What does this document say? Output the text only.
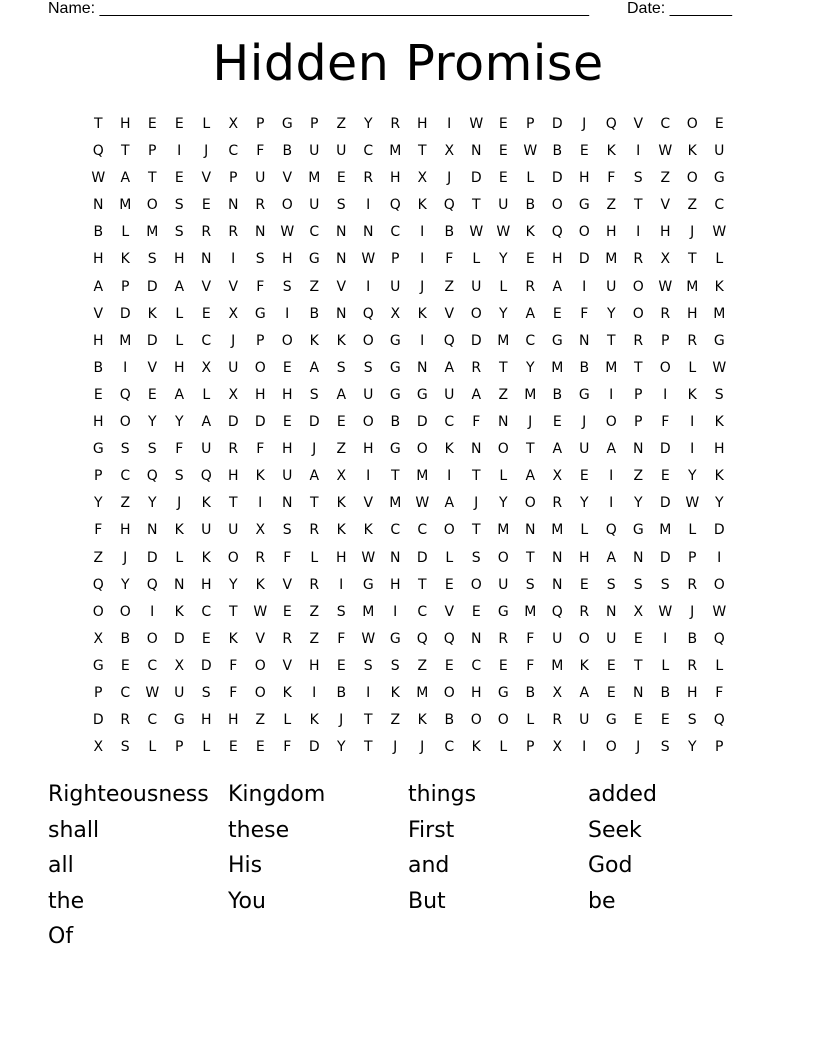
Name: _______________________________________________________ Date: _______
Hidden Promise
T	H	E	E	L	X	P	G	P	Z	Y	R	H	I	W	E	P	D	J	Q	V	C	O	E
Q	T	P	I	J	C	F	B	U	U	C	M	T	X	N	E	W	B	E	K	I	W	K	U
W	A	T	E	V	P	U	V	M	E	R	H	X	J	D	E	L	D	H	F	S	Z	O	G
N	M	O	S	E	N	R	O	U	S	I	Q	K	Q	T	U	B	O	G	Z	T	V	Z	C
B	L	M	S	R	R	N	W	C	N	N	C	I	B	W W	K	Q	O	H	I	H	J	W
H	K	S	H	N	I	S	H	G	N	W	P	I	F	L	Y	E	H	D	M	R	X	T	L
A	P	D	A	V	V	F	S	Z	V	I	U	J	Z	U	L	R	A	I	U	O	W M	K
V	D	K	L	E	X	G	I	B	N	Q	X	K	V	O	Y	A	E	F	Y	O	R	H	M
H	M	D	L	C	J	P	O	K	K	O	G	I	Q	D	M	C	G	N	T	R	P	R	G
B	I	V	H	X	U	O	E	A	S	S	G	N	A	R	T	Y	M	B	M	T	O	L	W
E	Q	E	A	L	X	H	H	S	A	U	G	G	U	A	Z	M	B	G	I	P	I	K	S
H	O	Y	Y	A	D	D	E	D	E	O	B	D	C	F	N	J	E	J	O	P	F	I	K
G	S	S	F	U	R	F	H	J	Z	H	G	O	K	N	O	T	A	U	A	N	D	I	H
P	C	Q	S	Q	H	K	U	A	X	I	T	M	I	T	L	A	X	E	I	Z	E	Y	K
Y	Z	Y	J	K	T	I	N	T	K	V	M W	A	J	Y	O	R	Y	I	Y	D	W	Y
F	H	N	K	U	U	X	S	R	K	K	C	C	O	T	M	N	M	L	Q	G	M	L	D
Z	J	D	L	K	O	R	F	L	H	W	N	D	L	S	O	T	N	H	A	N	D	P	I
Q	Y	Q	N	H	Y	K	V	R	I	G	H	T	E	O	U	S	N	E	S	S	S	R	O
O	O	I	K	C	T	W	E	Z	S	M	I	C	V	E	G	M	Q	R	N	X	W	J	W
X	B	O	D	E	K	V	R	Z	F	W	G	Q	Q	N	R	F	U	O	U	E	I	B	Q
G	E	C	X	D	F	O	V	H	E	S	S	Z	E	C	E	F	M	K	E	T	L	R	L
P	C	W	U	S	F	O	K	I	B	I	K	M	O	H	G	B	X	A	E	N	B	H	F
D	R	C	G	H	H	Z	L	K	J	T	Z	K	B	O	O	L	R	U	G	E	E	S	Q
X	S	L	P	L	E	E	F	D	Y	T	J	J	C	K	L	P	X	I	O	J	S	Y	P
Righteousness Kingdom	things	added
shall	these	First	Seek
all	His	and	God
the	You	But	be
Of
